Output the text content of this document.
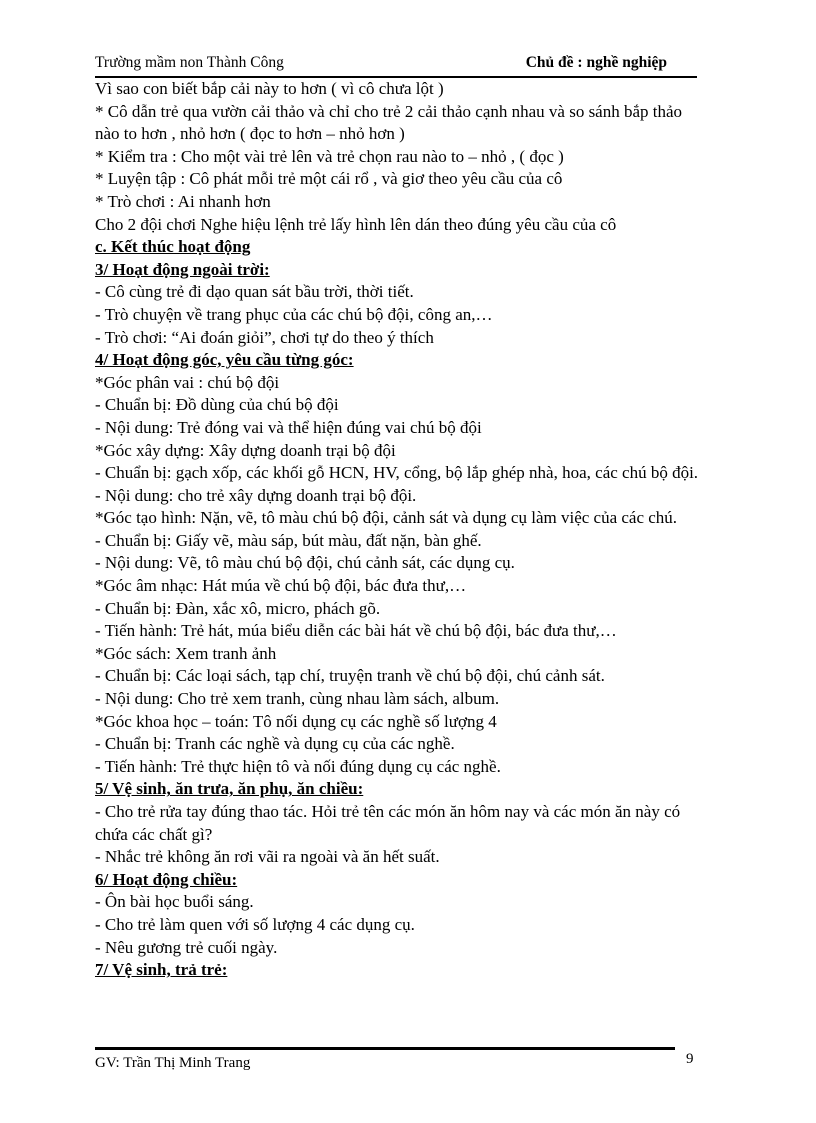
Trường mầm non Thành Công	Chủ đề : nghề nghiệp
Vì sao con biết bắp cải này to hơn ( vì cô chưa lột )
* Cô dẫn trẻ qua vườn cải thảo và chỉ cho trẻ 2 cải thảo cạnh nhau và so sánh bắp thảo nào to hơn , nhỏ hơn ( đọc to hơn – nhỏ hơn )
* Kiểm tra : Cho một vài trẻ lên và trẻ chọn rau nào to – nhỏ , ( đọc )
* Luyện tập : Cô phát mỗi trẻ một cái rổ , và giơ theo yêu cầu của cô
* Trò chơi : Ai nhanh hơn
Cho 2 đội chơi Nghe hiệu lệnh trẻ lấy hình lên dán theo đúng yêu cầu của cô
c. Kết thúc hoạt động
3/ Hoạt động ngoài trời:
- Cô cùng trẻ đi dạo quan sát bầu trời, thời tiết.
- Trò chuyện về trang phục của các chú bộ đội, công an,…
- Trò chơi: “Ai đoán giỏi”, chơi tự do theo ý thích
4/ Hoạt động góc, yêu cầu từng góc:
*Góc phân vai : chú bộ đội
- Chuẩn bị: Đồ dùng của chú bộ đội
- Nội dung: Trẻ đóng vai và thể hiện đúng vai chú bộ đội
*Góc xây dựng: Xây dựng doanh trại bộ đội
- Chuẩn bị: gạch xốp, các khối gỗ HCN, HV, cổng, bộ lắp ghép nhà, hoa, các chú bộ đội.
- Nội dung: cho trẻ xây dựng doanh trại bộ đội.
*Góc tạo hình: Nặn, vẽ, tô màu chú bộ đội, cảnh sát và dụng cụ làm việc của các chú.
- Chuẩn bị: Giấy vẽ, màu sáp, bút màu, đất nặn, bàn ghế.
- Nội dung: Vẽ, tô màu chú bộ đội, chú cảnh sát, các dụng cụ.
*Góc âm nhạc: Hát múa về chú bộ đội, bác đưa thư,…
- Chuẩn bị: Đàn, xắc xô, micro, phách gõ.
- Tiến hành: Trẻ hát, múa biểu diễn các bài hát về chú bộ đội, bác đưa thư,…
*Góc sách: Xem tranh ảnh
- Chuẩn bị: Các loại sách, tạp chí, truyện tranh về chú bộ đội, chú cảnh sát.
- Nội dung: Cho trẻ xem tranh, cùng nhau làm sách, album.
*Góc khoa học – toán: Tô nối dụng cụ các nghề số lượng 4
- Chuẩn bị: Tranh các nghề và dụng cụ của các nghề.
- Tiến hành: Trẻ thực hiện tô và nối đúng dụng cụ các nghề.
5/ Vệ sinh, ăn trưa, ăn phụ, ăn chiều:
- Cho trẻ rửa tay đúng thao tác. Hỏi trẻ tên các món ăn hôm nay và các món ăn này có chứa các chất gì?
- Nhắc trẻ không ăn rơi vãi ra ngoài và ăn hết suất.
6/ Hoạt động chiều:
- Ôn bài học buổi sáng.
- Cho trẻ làm quen với số lượng 4 các dụng cụ.
- Nêu gương trẻ cuối ngày.
7/ Vệ sinh, trả trẻ:
GV: Trần Thị Minh Trang	9
